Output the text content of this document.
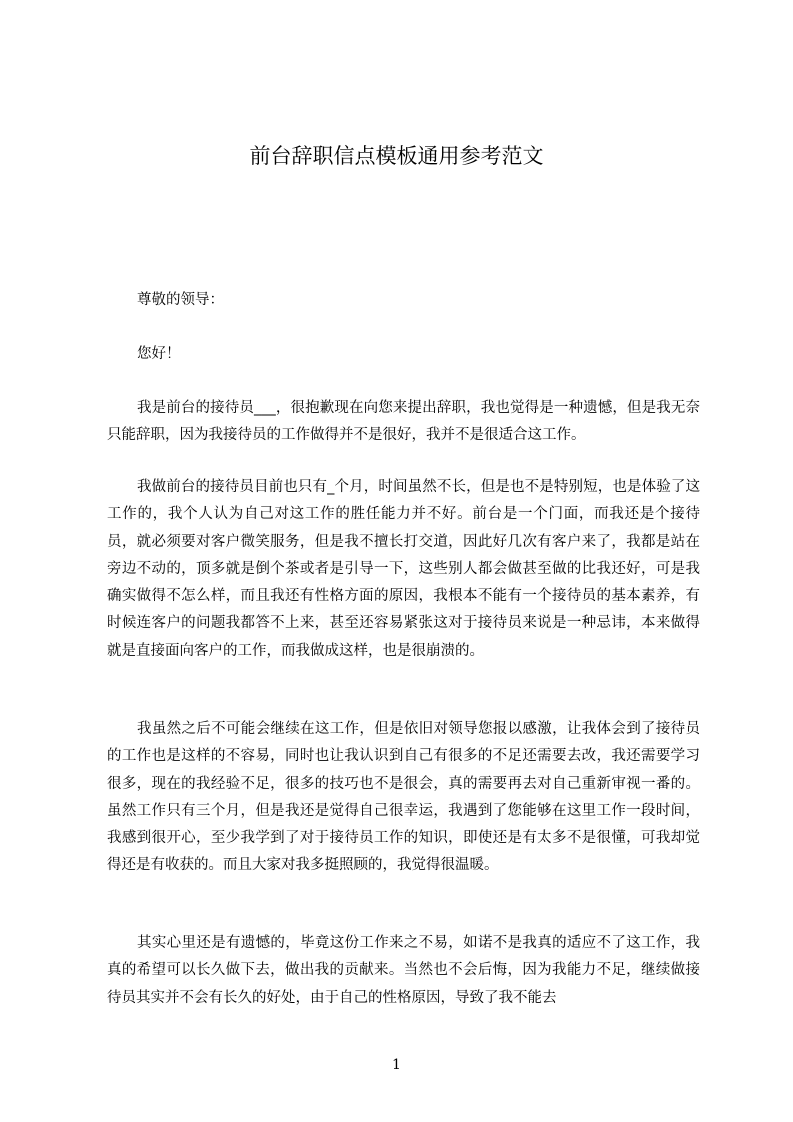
前台辞职信点模板通用参考范文

尊敬的领导：

您好！

我是前台的接待员___，很抱歉现在向您来提出辞职，我也觉得是一种遗憾，但是我无奈只能辞职，因为我接待员的工作做得并不是很好，我并不是很适合这工作。

我做前台的接待员目前也只有_个月，时间虽然不长，但是也不是特别短，也是体验了这工作的，我个人认为自己对这工作的胜任能力并不好。前台是一个门面，而我还是个接待员，就必须要对客户微笑服务，但是我不擅长打交道，因此好几次有客户来了，我都是站在旁边不动的，顶多就是倒个茶或者是引导一下，这些别人都会做甚至做的比我还好，可是我确实做得不怎么样，而且我还有性格方面的原因，我根本不能有一个接待员的基本素养，有时候连客户的问题我都答不上来，甚至还容易紧张这对于接待员来说是一种忌讳，本来做得就是直接面向客户的工作，而我做成这样，也是很崩溃的。

我虽然之后不可能会继续在这工作，但是依旧对领导您报以感激，让我体会到了接待员的工作也是这样的不容易，同时也让我认识到自己有很多的不足还需要去改，我还需要学习很多，现在的我经验不足，很多的技巧也不是很会，真的需要再去对自己重新审视一番的。虽然工作只有三个月，但是我还是觉得自己很幸运，我遇到了您能够在这里工作一段时间，我感到很开心，至少我学到了对于接待员工作的知识，即使还是有太多不是很懂，可我却觉得还是有收获的。而且大家对我多挺照顾的，我觉得很温暖。

其实心里还是有遗憾的，毕竟这份工作来之不易，如诺不是我真的适应不了这工作，我真的希望可以长久做下去，做出我的贡献来。当然也不会后悔，因为我能力不足，继续做接待员其实并不会有长久的好处，由于自己的性格原因，导致了我不能去

1
